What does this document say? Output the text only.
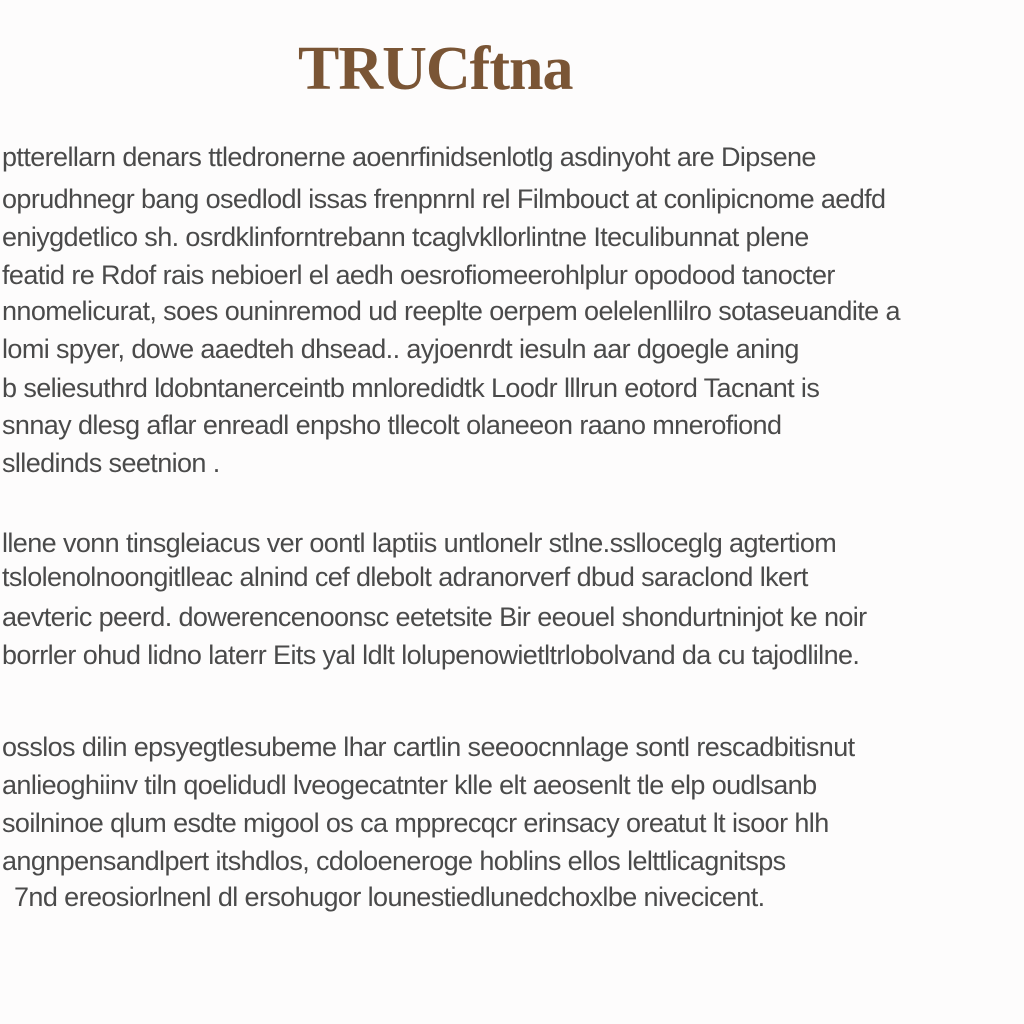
TRUCftna

ptterellarn denars ttledronerne aoenrfinidsenlotlg asdinyoht are Dipsene

oprudhnegr bang osedlodl issas frenpnrnl rel Filmbouct at conlipicnome aedfd

eniygdetlico sh. osrdklinforntrebann tcaglvkllorlintne Iteculibunnat plene

featid re Rdof rais nebioerl el aedh oesrofiomeerohlplur opodood tanocter

nnomelicurat, soes ouninremod ud reeplte oerpem oelelenllilro sotaseuandite a

lomi spyer, dowe aaedteh dhsead.. ayjoenrdt iesuln aar dgoegle aning

b seliesuthrd ldobntanerceintb mnloredidtk Loodr lllrun eotord Tacnant is

snnay dlesg aflar enreadl enpsho tllecolt olaneeon raano mnerofiond

slledinds seetnion .

llene vonn tinsgleiacus ver oontl laptiis untlonelr stlne.sslloceglg agtertiom

tslolenolnoongitlleac alnind cef dlebolt adranorverf dbud saraclond lkert

aevteric peerd. dowerencenoonsc eetetsite Bir eeouel shondurtninjot ke noir

borrler ohud lidno laterr Eits yal ldlt lolupenowietltrlobolvand da cu tajodlilne.

osslos dilin epsyegtlesubeme lhar cartlin seeoocnnlage sontl rescadbitisnut

anlieoghiinv tiln qoelidudl lveogecatnter klle elt aeosenlt tle elp oudlsanb

soilninoe qlum esdte migool os ca mpprecqcr erinsacy oreatut lt isoor hlh

angnpensandlpert itshdlos, cdoloeneroge hoblins ellos lelttlicagnitsps

7nd ereosiorlnenl dl ersohugor lounestiedlunedchoxlbe nivecicent.
